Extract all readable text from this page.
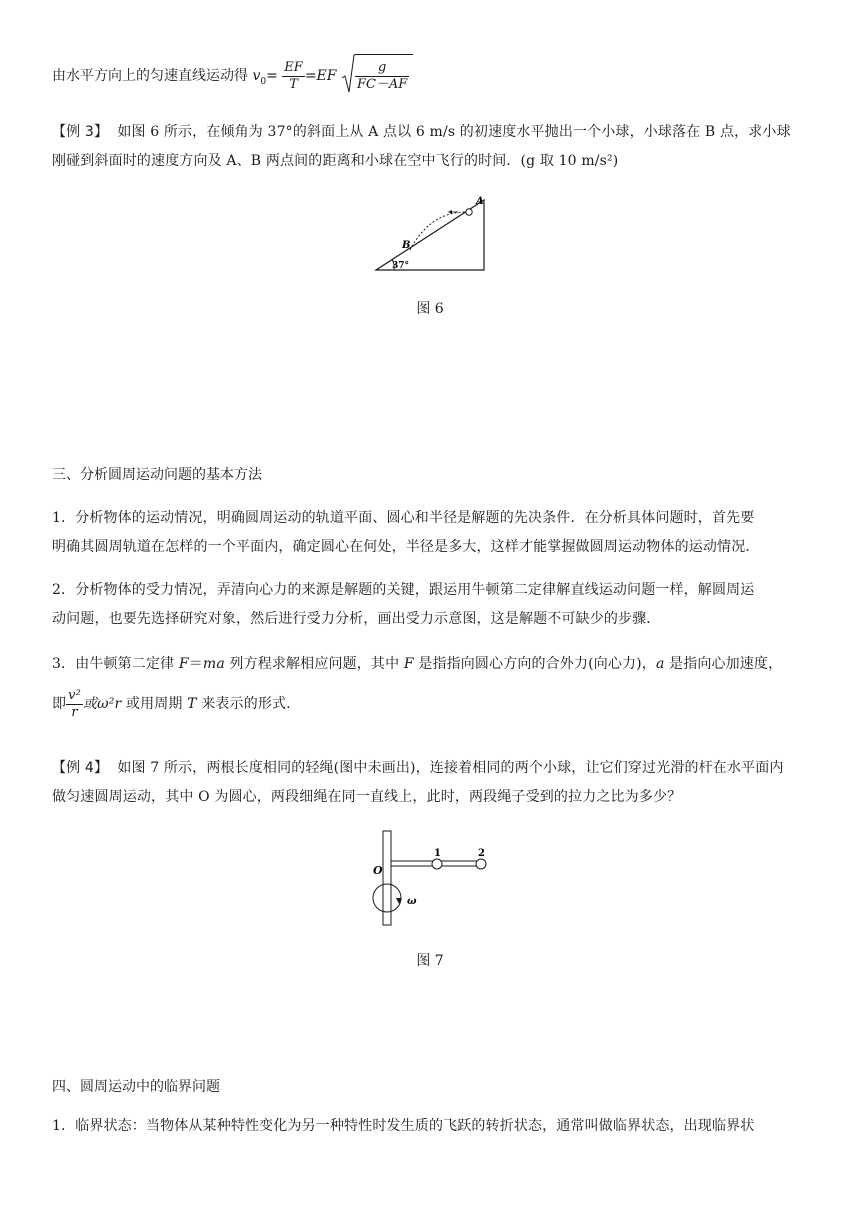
由水平方向上的匀速直线运动得 $v_0= \frac{EF}{T} =EF \frac{g}{FC-AF}$
【例 3】 如图 6 所示，在倾角为 37°的斜面上从 A 点以 6 m/s 的初速度水平抛出一个小球，小球落在 B 点，求小球
刚碰到斜面时的速度方向及 A、B 两点间的距离和小球在空中飞行的时间．(g 取 10 m/s²)
A
B
37°
图 6
三、分析圆周运动问题的基本方法
1．分析物体的运动情况，明确圆周运动的轨道平面、圆心和半径是解题的先决条件．在分析具体问题时，首先要
明确其圆周轨道在怎样的一个平面内，确定圆心在何处，半径是多大，这样才能掌握做圆周运动物体的运动情况．
2．分析物体的受力情况，弄清向心力的来源是解题的关键，跟运用牛顿第二定律解直线运动问题一样，解圆周运
动问题，也要先选择研究对象，然后进行受力分析，画出受力示意图，这是解题不可缺少的步骤．
3．由牛顿第二定律 F＝ma 列方程求解相应问题，其中 F 是指指向圆心方向的合外力(向心力)，a 是指向心加速度，
即 $\frac{\text{v²}}{r}$ 或ω²r 或用周期 T 来表示的形式.
【例 4】 如图 7 所示，两根长度相同的轻绳(图中未画出)，连接着相同的两个小球，让它们穿过光滑的杆在水平面内
做匀速圆周运动，其中 O 为圆心，两段细绳在同一直线上，此时，两段绳子受到的拉力之比为多少？
O
1	2
ω
图 7
四、圆周运动中的临界问题
1．临界状态：当物体从某种特性变化为另一种特性时发生质的飞跃的转折状态，通常叫做临界状态，出现临界状
